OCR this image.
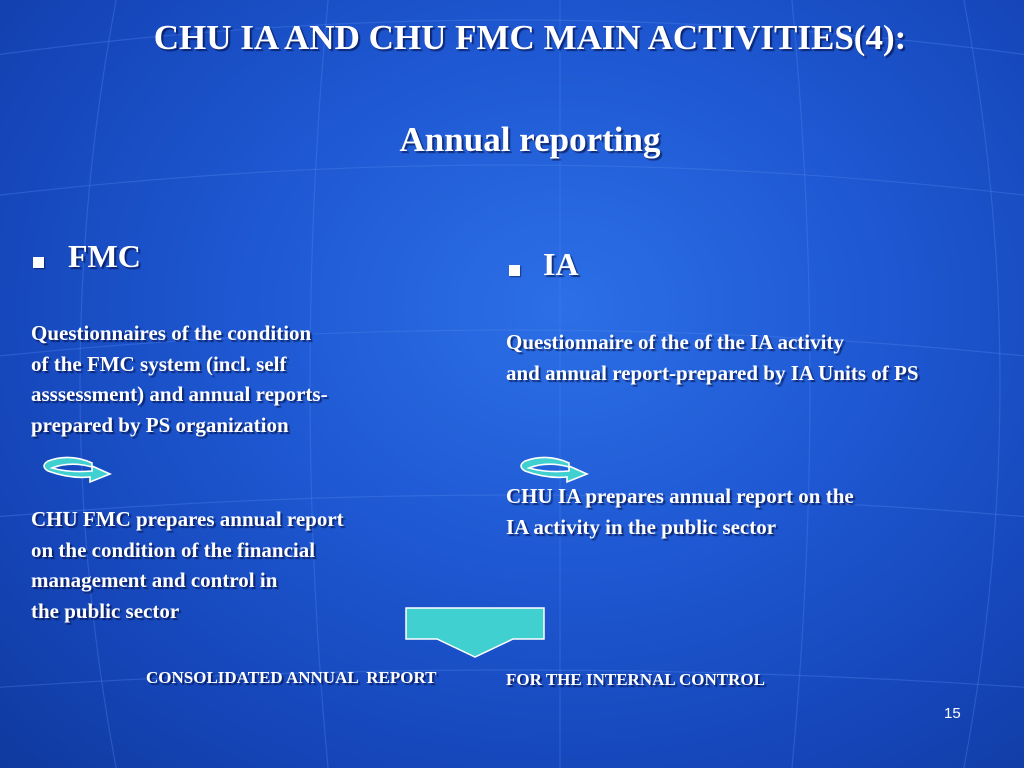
CHU IA AND CHU FMC MAIN ACTIVITIES(4):
Annual reporting
FMC
Questionnaires of the condition
of the FMC system (incl. self
asssessment) and annual reports-
prepared by PS organization
CHU FMC prepares annual report
on the condition of the financial
management and control in
the public sector
IA
Questionnaire of the of the IA activity
and annual report-prepared by IA Units of PS
CHU IA prepares annual report on the
IA activity in the public sector
CONSOLIDATED ANNUAL  REPORT	FOR THE INTERNAL CONTROL
15
